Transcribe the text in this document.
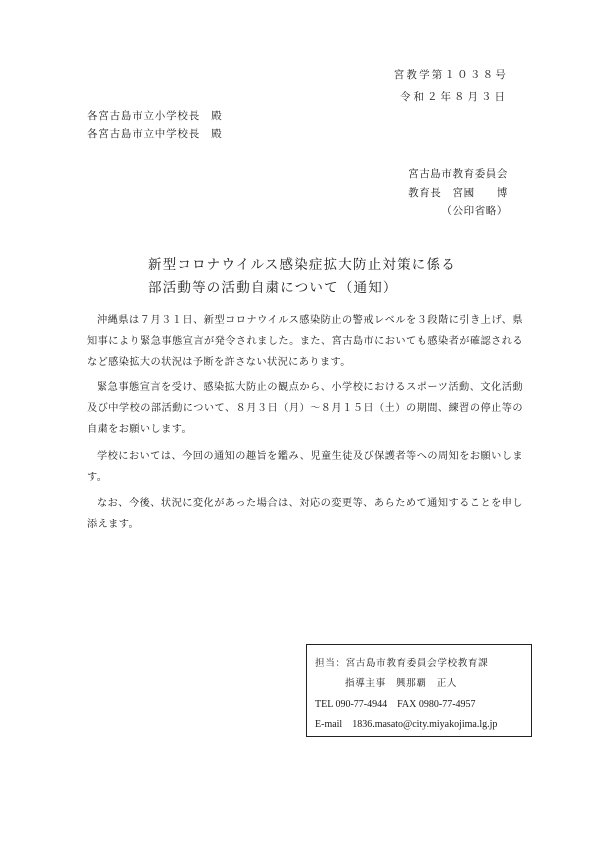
宮教学第１０３８号
令和２年８月３日
各宮古島市立小学校長　殿
各宮古島市立中学校長　殿
宮古島市教育委員会
教育長　宮國　　博
（公印省略）
新型コロナウイルス感染症拡大防止対策に係る
部活動等の活動自粛について（通知）

沖縄県は７月３１日、新型コロナウイルス感染防止の警戒レベルを３段階に引き上げ、県知事により緊急事態宣言が発令されました。また、宮古島市においても感染者が確認されるなど感染拡大の状況は予断を許さない状況にあります。

緊急事態宣言を受け、感染拡大防止の観点から、小学校におけるスポーツ活動、文化活動及び中学校の部活動について、８月３日（月）～８月１５日（土）の期間、練習の停止等の自粛をお願いします。

学校においては、今回の通知の趣旨を鑑み、児童生徒及び保護者等への周知をお願いします。

なお、今後、状況に変化があった場合は、対応の変更等、あらためて通知することを申し添えます。

担当：宮古島市教育委員会学校教育課
指導主事　興那覇　正人
TEL 090-77-4944　FAX 0980-77-4957
E-mail　1836.masato@city.miyakojima.lg.jp
